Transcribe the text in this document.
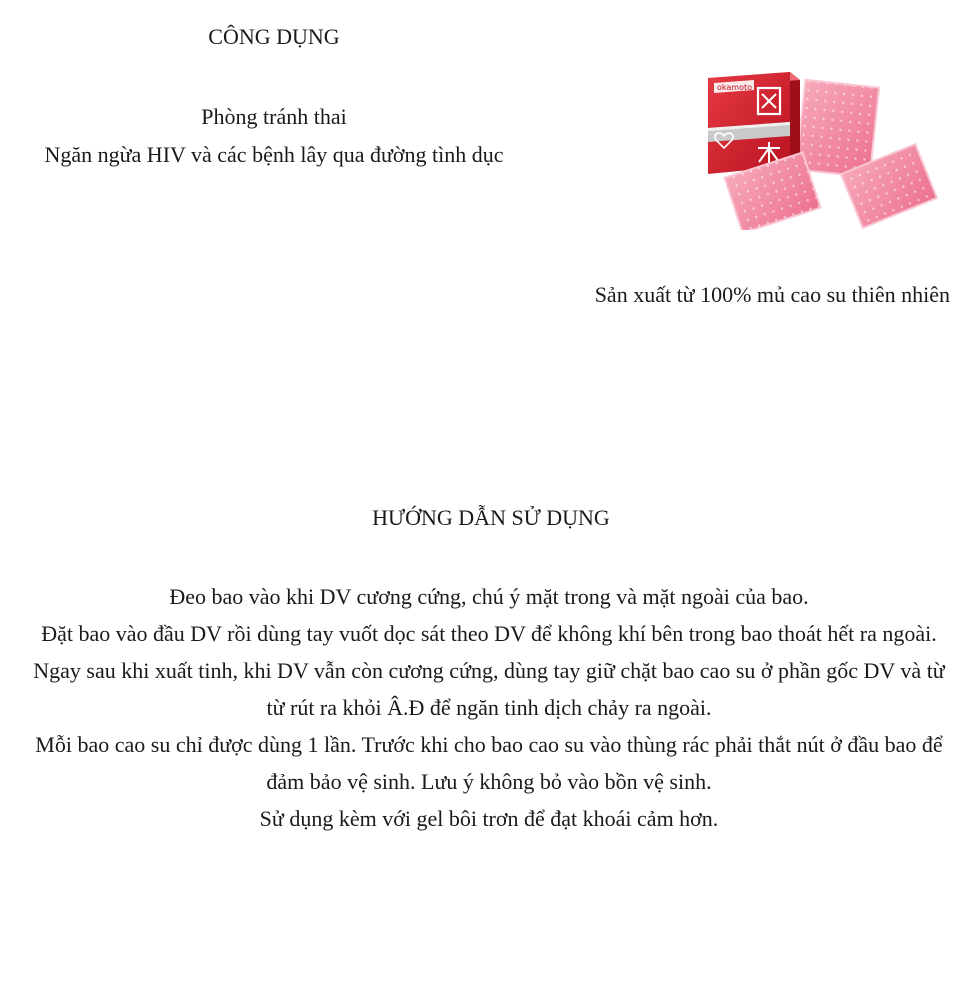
CÔNG DỤNG
Phòng tránh thai
Ngăn ngừa HIV và các bệnh lây qua đường tình dục
okamoto
Sản xuất từ 100% mủ cao su thiên nhiên
HƯỚNG DẪN SỬ DỤNG
Đeo bao vào khi DV cương cứng, chú ý mặt trong và mặt ngoài của bao.
Đặt bao vào đầu DV rồi dùng tay vuốt dọc sát theo DV để không khí bên trong bao thoát hết ra ngoài.
Ngay sau khi xuất tinh, khi DV vẫn còn cương cứng, dùng tay giữ chặt bao cao su ở phần gốc DV và từ từ rút ra khỏi Â.Đ để ngăn tinh dịch chảy ra ngoài.
Mỗi bao cao su chỉ được dùng 1 lần. Trước khi cho bao cao su vào thùng rác phải thắt nút ở đầu bao để đảm bảo vệ sinh. Lưu ý không bỏ vào bồn vệ sinh.
Sử dụng kèm với gel bôi trơn để đạt khoái cảm hơn.
